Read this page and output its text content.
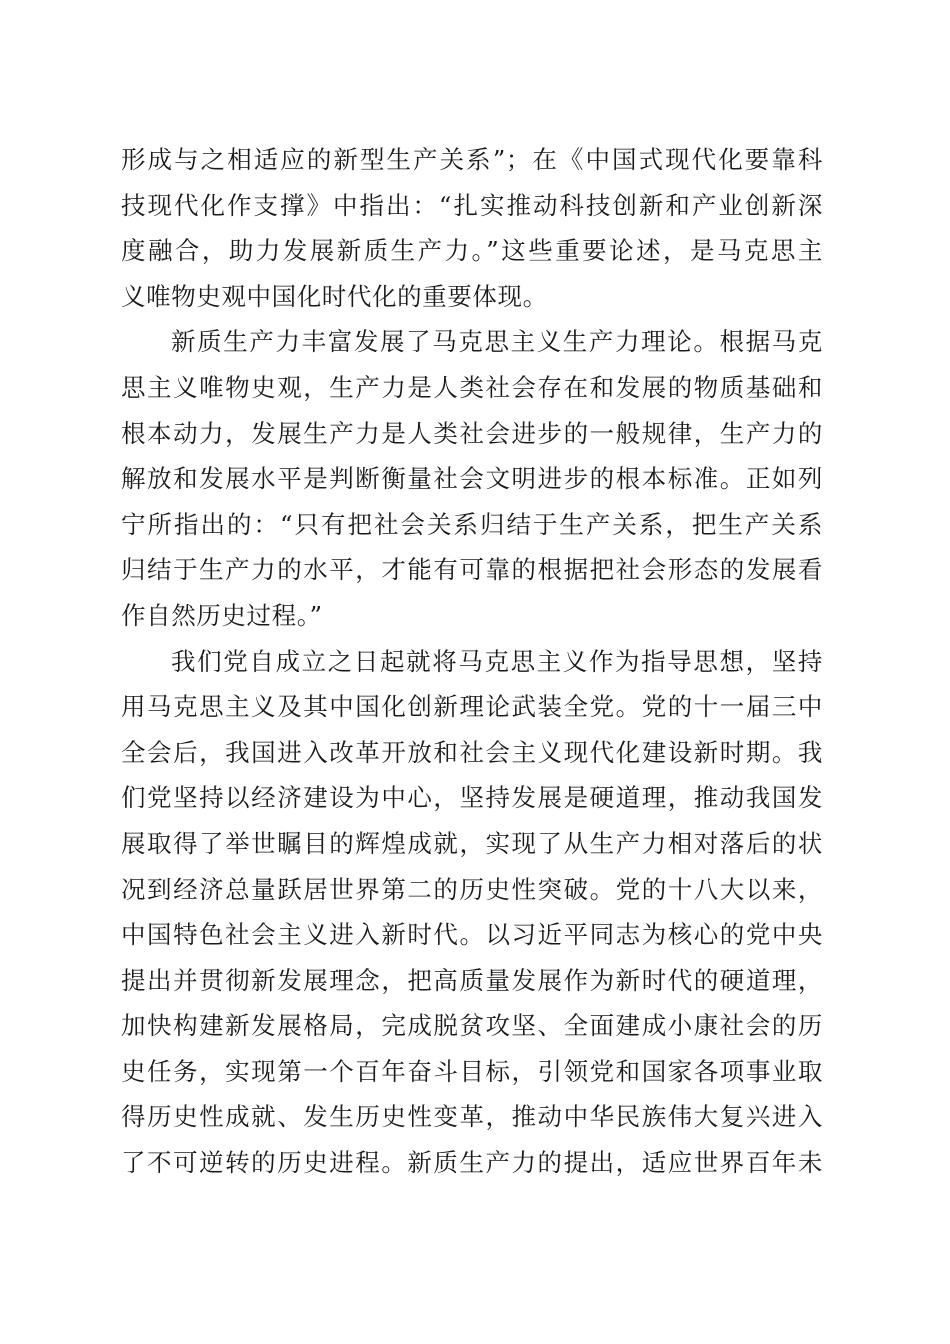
形成与之相适应的新型生产关系”；在《中国式现代化要靠科
技现代化作支撑》中指出：“扎实推动科技创新和产业创新深
度融合，助力发展新质生产力。”这些重要论述，是马克思主
义唯物史观中国化时代化的重要体现。
新质生产力丰富发展了马克思主义生产力理论。根据马克
思主义唯物史观，生产力是人类社会存在和发展的物质基础和
根本动力，发展生产力是人类社会进步的一般规律，生产力的
解放和发展水平是判断衡量社会文明进步的根本标准。正如列
宁所指出的：“只有把社会关系归结于生产关系，把生产关系
归结于生产力的水平，才能有可靠的根据把社会形态的发展看
作自然历史过程。”
我们党自成立之日起就将马克思主义作为指导思想，坚持
用马克思主义及其中国化创新理论武装全党。党的十一届三中
全会后，我国进入改革开放和社会主义现代化建设新时期。我
们党坚持以经济建设为中心，坚持发展是硬道理，推动我国发
展取得了举世瞩目的辉煌成就，实现了从生产力相对落后的状
况到经济总量跃居世界第二的历史性突破。党的十八大以来，
中国特色社会主义进入新时代。以习近平同志为核心的党中央
提出并贯彻新发展理念，把高质量发展作为新时代的硬道理，
加快构建新发展格局，完成脱贫攻坚、全面建成小康社会的历
史任务，实现第一个百年奋斗目标，引领党和国家各项事业取
得历史性成就、发生历史性变革，推动中华民族伟大复兴进入
了不可逆转的历史进程。新质生产力的提出，适应世界百年未
